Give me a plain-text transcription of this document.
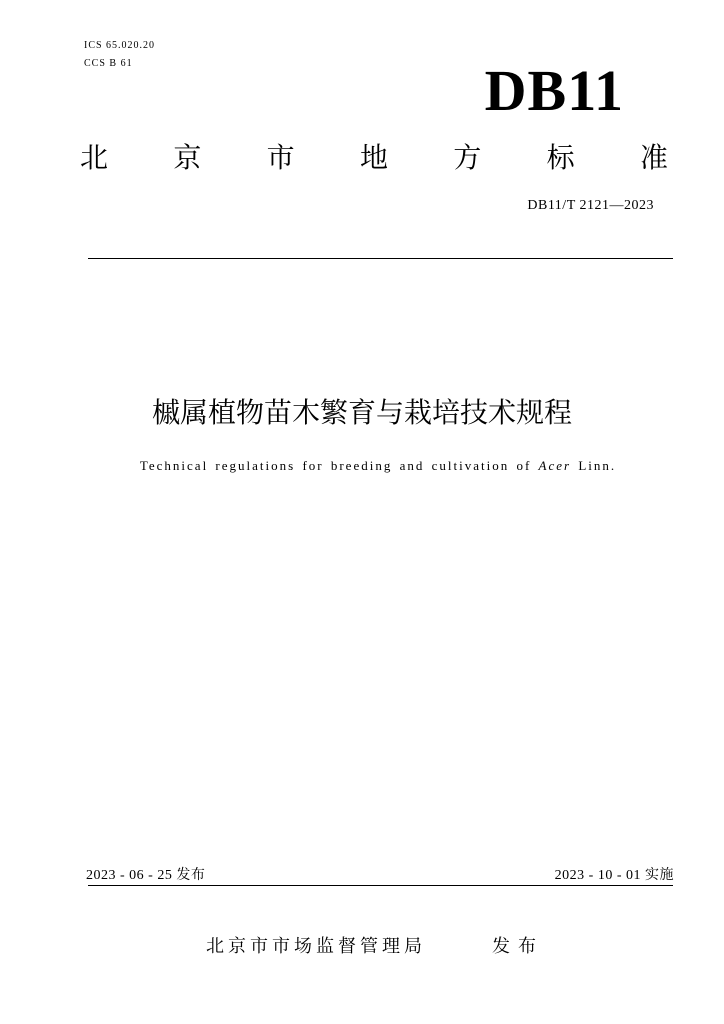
ICS 65.020.20
CCS B 61	DB11
北 京 市 地 方 标 准
DB11/T 2121—2023
槭属植物苗木繁育与栽培技术规程
Technical regulations for breeding and cultivation of Acer Linn.
2023 - 06 - 25 发布	2023 - 10 - 01 实施
北京市市场监督管理局	发布
